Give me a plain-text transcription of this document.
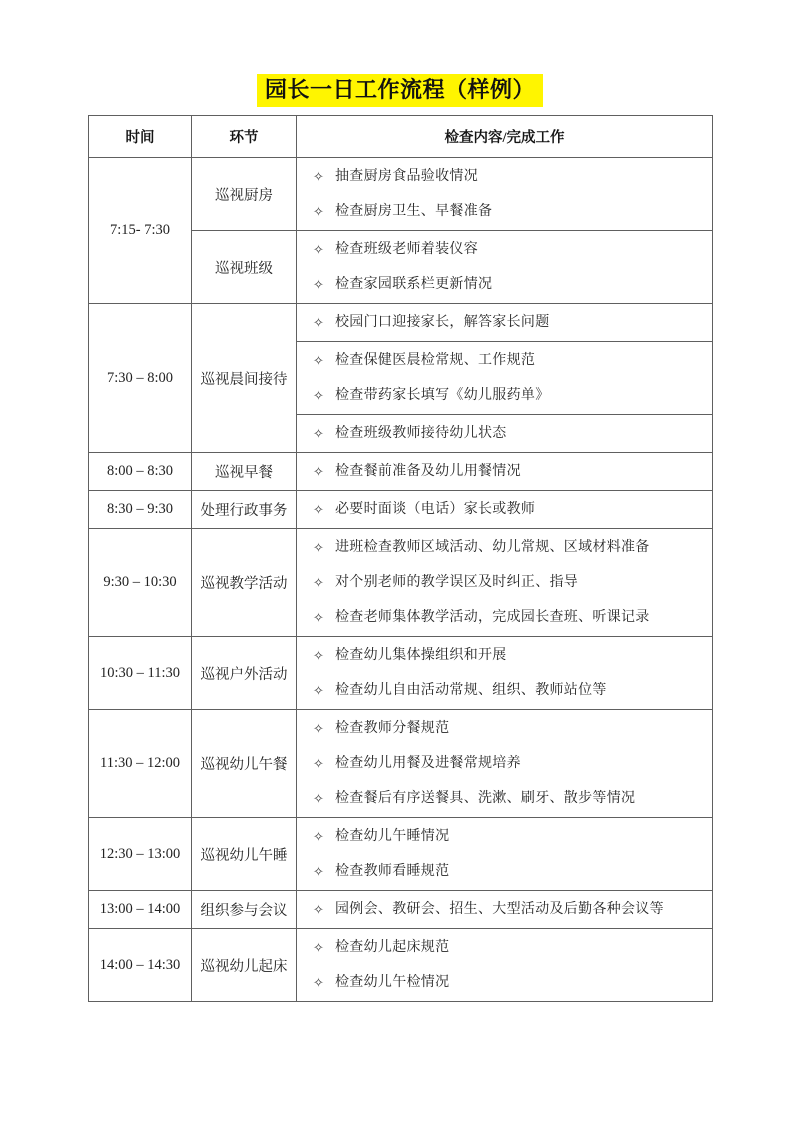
园长一日工作流程（样例）
时间	环节	检查内容/完成工作
7:15- 7:30	巡视厨房	✧ 抽查厨房食品验收情况
✧ 检查厨房卫生、早餐准备

	巡视班级	✧ 检查班级老师着装仪容
✧ 检查家园联系栏更新情况

7:30 – 8:00	巡视晨间接待	✧ 校园门口迎接家长，解答家长问题

		✧ 检查保健医晨检常规、工作规范
✧ 检查带药家长填写《幼儿服药单》

		✧ 检查班级教师接待幼儿状态

8:00 – 8:30	巡视早餐	✧ 检查餐前准备及幼儿用餐情况

8:30 – 9:30	处理行政事务	✧ 必要时面谈（电话）家长或教师

9:30 – 10:30	巡视教学活动	
✧ 进班检查教师区域活动、幼儿常规、区域材料准备
✧ 对个别老师的教学误区及时纠正、指导
✧ 检查老师集体教学活动，完成园长查班、听课记录

10:30 – 11:30	巡视户外活动	✧ 检查幼儿集体操组织和开展
✧ 检查幼儿自由活动常规、组织、教师站位等

11:30 – 12:00	巡视幼儿午餐	
✧ 检查教师分餐规范
✧ 检查幼儿用餐及进餐常规培养
✧ 检查餐后有序送餐具、洗漱、刷牙、散步等情况

12:30 – 13:00	巡视幼儿午睡	✧ 检查幼儿午睡情况
✧ 检查教师看睡规范

13:00 – 14:00	组织参与会议	✧ 园例会、教研会、招生、大型活动及后勤各种会议等

14:00 – 14:30	巡视幼儿起床	✧ 检查幼儿起床规范
✧ 检查幼儿午检情况
